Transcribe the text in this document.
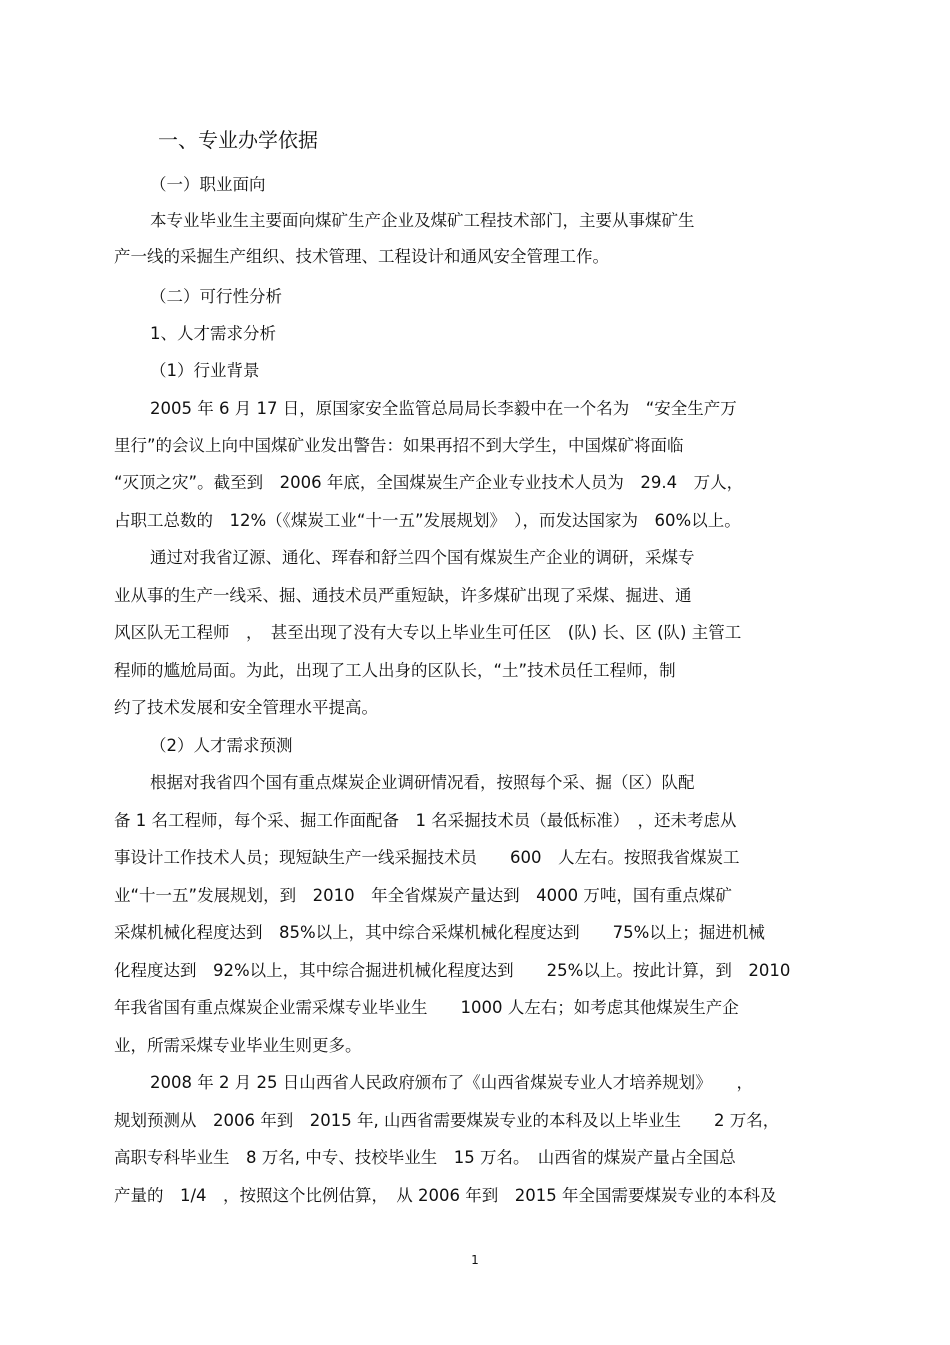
一、专业办学依据
（一）职业面向
本专业毕业生主要面向煤矿生产企业及煤矿工程技术部门，主要从事煤矿生
产一线的采掘生产组织、技术管理、工程设计和通风安全管理工作。
（二）可行性分析
1、人才需求分析
（1）行业背景
2005 年 6 月 17 日，原国家安全监管总局局长李毅中在一个名为　“安全生产万
里行”的会议上向中国煤矿业发出警告：如果再招不到大学生，中国煤矿将面临
“灭顶之灾”。截至到　2006 年底，全国煤炭生产企业专业技术人员为　29.4　万人，
占职工总数的　12%（《煤炭工业“十一五”发展规划》　），而发达国家为　60%以上。
通过对我省辽源、通化、珲春和舒兰四个国有煤炭生产企业的调研，采煤专
业从事的生产一线采、掘、通技术员严重短缺，许多煤矿出现了采煤、掘进、通
风区队无工程师　，　甚至出现了没有大专以上毕业生可任区　(队) 长、区 (队) 主管工
程师的尴尬局面。为此，出现了工人出身的区队长，“土”技术员任工程师，制
约了技术发展和安全管理水平提高。
（2）人才需求预测
根据对我省四个国有重点煤炭企业调研情况看，按照每个采、掘（区）队配
备 1 名工程师，每个采、掘工作面配备　1 名采掘技术员（最低标准）　，还未考虑从
事设计工作技术人员；现短缺生产一线采掘技术员　　600　人左右。按照我省煤炭工
业“十一五”发展规划，到　2010　年全省煤炭产量达到　4000 万吨，国有重点煤矿
采煤机械化程度达到　85%以上，其中综合采煤机械化程度达到　　75%以上；掘进机械
化程度达到　92%以上，其中综合掘进机械化程度达到　　25%以上。按此计算，到　2010
年我省国有重点煤炭企业需采煤专业毕业生　　1000 人左右；如考虑其他煤炭生产企
业，所需采煤专业毕业生则更多。
2008 年 2 月 25 日山西省人民政府颁布了《山西省煤炭专业人才培养规划》　　，
规划预测从　2006 年到　2015 年, 山西省需要煤炭专业的本科及以上毕业生　　2 万名，
高职专科毕业生　8 万名, 中专、技校毕业生　15 万名。　山西省的煤炭产量占全国总
产量的　1/4　，按照这个比例估算，　从 2006 年到　2015 年全国需要煤炭专业的本科及
1
